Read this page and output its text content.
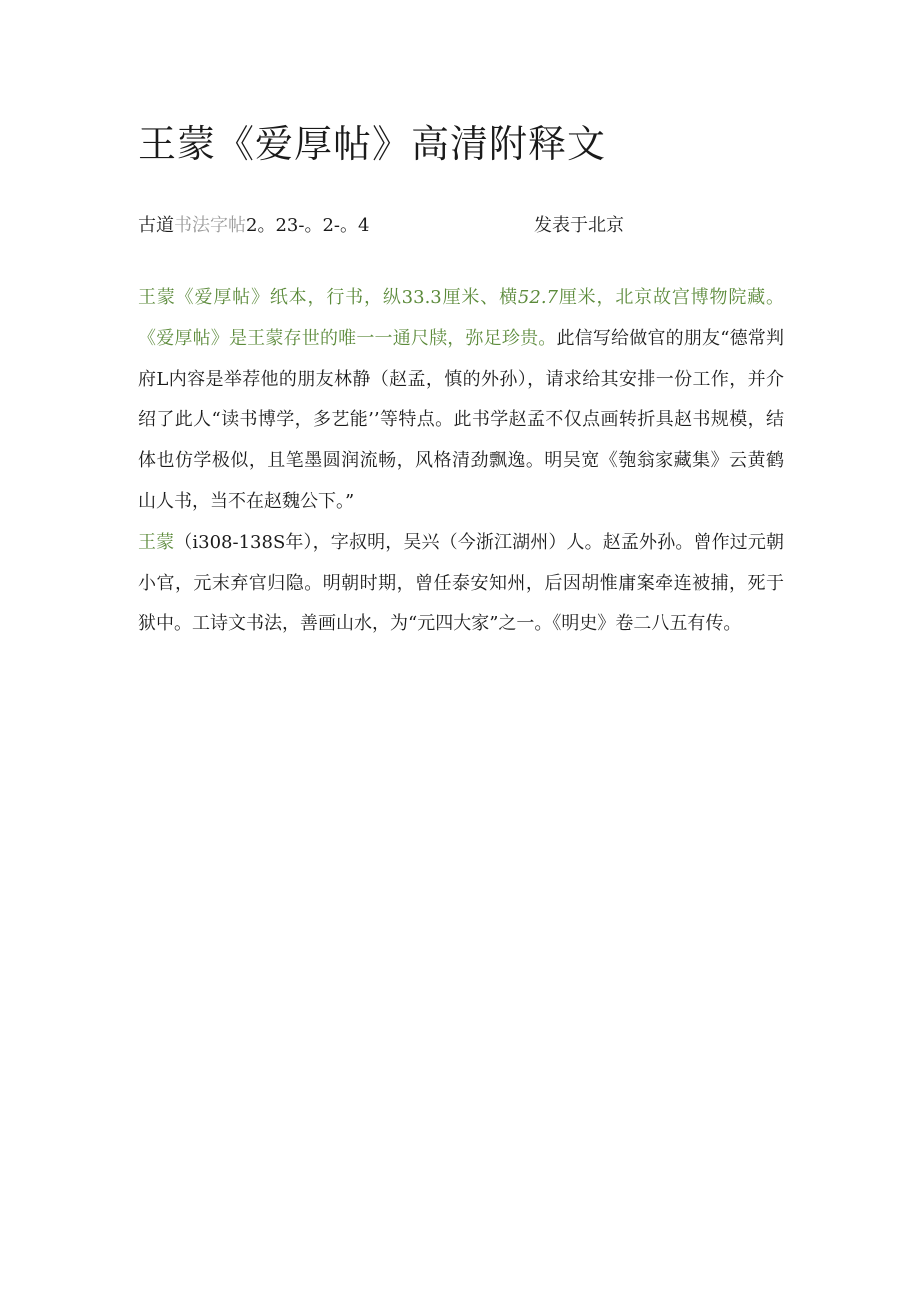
王蒙《爱厚帖》高清附释文
古道书法字帖2。23-。2-。4	发表于北京

王蒙《爱厚帖》纸本，行书，纵33.3厘米、横52.7厘米，北京故宫博物院藏。《爱厚帖》是王蒙存世的唯一一通尺牍，弥足珍贵。此信写给做官的朋友“德常判府L内容是举荐他的朋友林静（赵孟，慎的外孙），请求给其安排一份工作，并介绍了此人“读书博学，多艺能’’等特点。此书学赵孟不仅点画转折具赵书规模，结体也仿学极似，且笔墨圆润流畅，风格清劲飘逸。明吴宽《匏翁家藏集》云黄鹤山人书，当不在赵魏公下。”

王蒙（i308-138S年），字叔明，吴兴（今浙江湖州）人。赵孟外孙。曾作过元朝小官，元末弃官归隐。明朝时期，曾任泰安知州，后因胡惟庸案牵连被捕，死于狱中。工诗文书法，善画山水，为“元四大家”之一。《明史》卷二八五有传。
